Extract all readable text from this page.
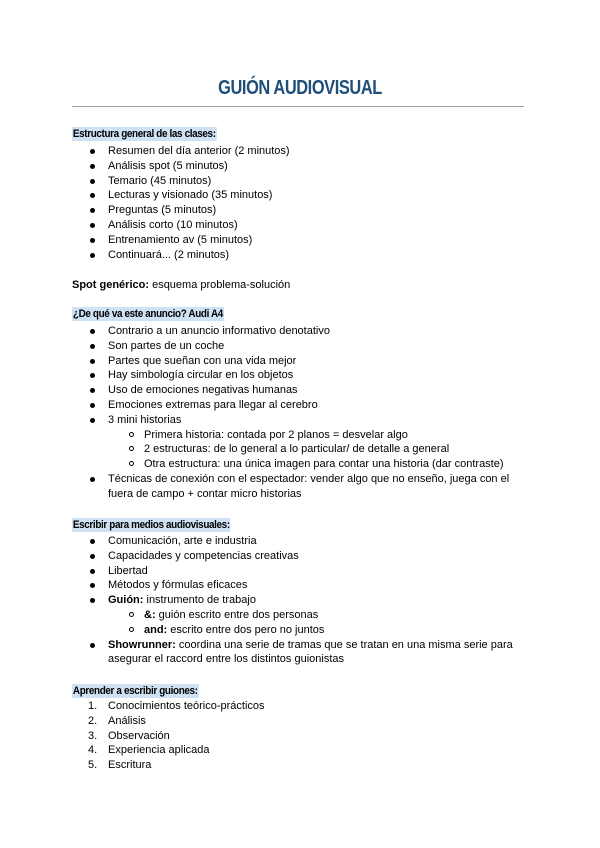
GUIÓN AUDIOVISUAL
Estructura general de las clases:
Resumen del día anterior (2 minutos)
Análisis spot (5 minutos)
Temario (45 minutos)
Lecturas y visionado (35 minutos)
Preguntas (5 minutos)
Análisis corto (10 minutos)
Entrenamiento av (5 minutos)
Continuará... (2 minutos)
Spot genérico: esquema problema-solución
¿De qué va este anuncio? Audi A4
Contrario a un anuncio informativo denotativo
Son partes de un coche
Partes que sueñan con una vida mejor
Hay simbología circular en los objetos
Uso de emociones negativas humanas
Emociones extremas para llegar al cerebro
3 mini historias
Primera historia: contada por 2 planos = desvelar algo
2 estructuras: de lo general a lo particular/ de detalle a general
Otra estructura: una única imagen para contar una historia (dar contraste)
Técnicas de conexión con el espectador: vender algo que no enseño, juega con el
fuera de campo + contar micro historias
Escribir para medios audiovisuales:
Comunicación, arte e industria
Capacidades y competencias creativas
Libertad
Métodos y fórmulas eficaces
Guión: instrumento de trabajo
&: guión escrito entre dos personas
and: escrito entre dos pero no juntos
Showrunner: coordina una serie de tramas que se tratan en una misma serie para
asegurar el raccord entre los distintos guionistas
Aprender a escribir guiones:
1. Conocimientos teórico-prácticos
2. Análisis
3. Observación
4. Experiencia aplicada
5. Escritura
